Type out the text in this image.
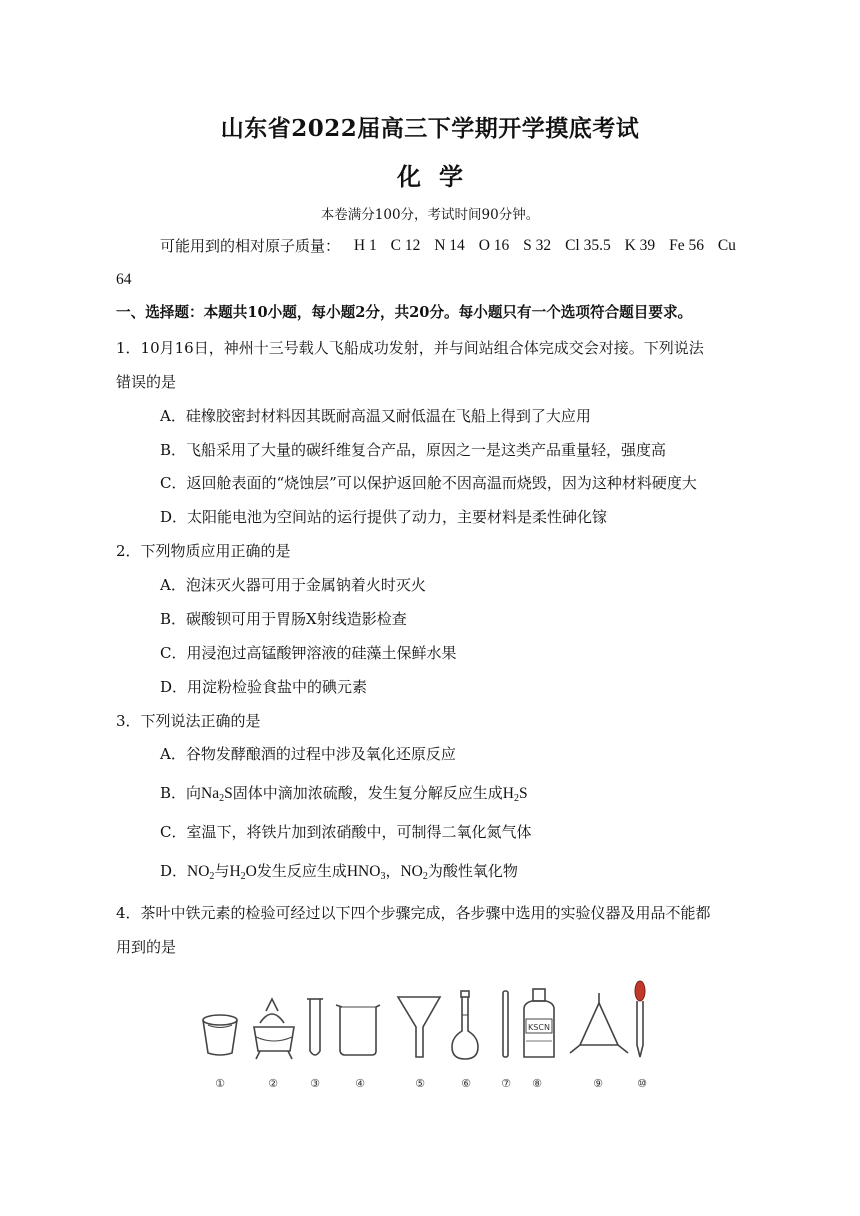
山东省2022届高三下学期开学摸底考试
化学
本卷满分100分，考试时间90分钟。
可能用到的相对原子质量： H 1 C 12 N 14 O 16 S 32 Cl 35.5 K 39 Fe 56 Cu
64
一、选择题：本题共10小题，每小题2分，共20分。每小题只有一个选项符合题目要求。
1．10月16日，神州十三号载人飞船成功发射，并与间站组合体完成交会对接。下列说法
错误的是
A．硅橡胶密封材料因其既耐高温又耐低温在飞船上得到了大应用
B．飞船采用了大量的碳纤维复合产品，原因之一是这类产品重量轻，强度高
C．返回舱表面的“烧蚀层”可以保护返回舱不因高温而烧毁，因为这种材料硬度大
D．太阳能电池为空间站的运行提供了动力，主要材料是柔性砷化镓
2．下列物质应用正确的是
A．泡沫灭火器可用于金属钠着火时灭火
B．碳酸钡可用于胃肠X射线造影检查
C．用浸泡过高锰酸钾溶液的硅藻土保鲜水果
D．用淀粉检验食盐中的碘元素
3．下列说法正确的是
A．谷物发酵酿酒的过程中涉及氧化还原反应
B．向$Na_2S$固体中滴加浓硫酸，发生复分解反应生成$H_2S$
C．室温下，将铁片加到浓硝酸中，可制得二氧化氮气体
D．$NO_2$与$H_2O$发生反应生成$HNO_3$，$NO_2$为酸性氧化物
4．茶叶中铁元素的检验可经过以下四个步骤完成，各步骤中选用的实验仪器及用品不能都
用到的是
KSCN
①	②	③	④	⑤	⑥	⑦ ⑧	⑨	⑩
